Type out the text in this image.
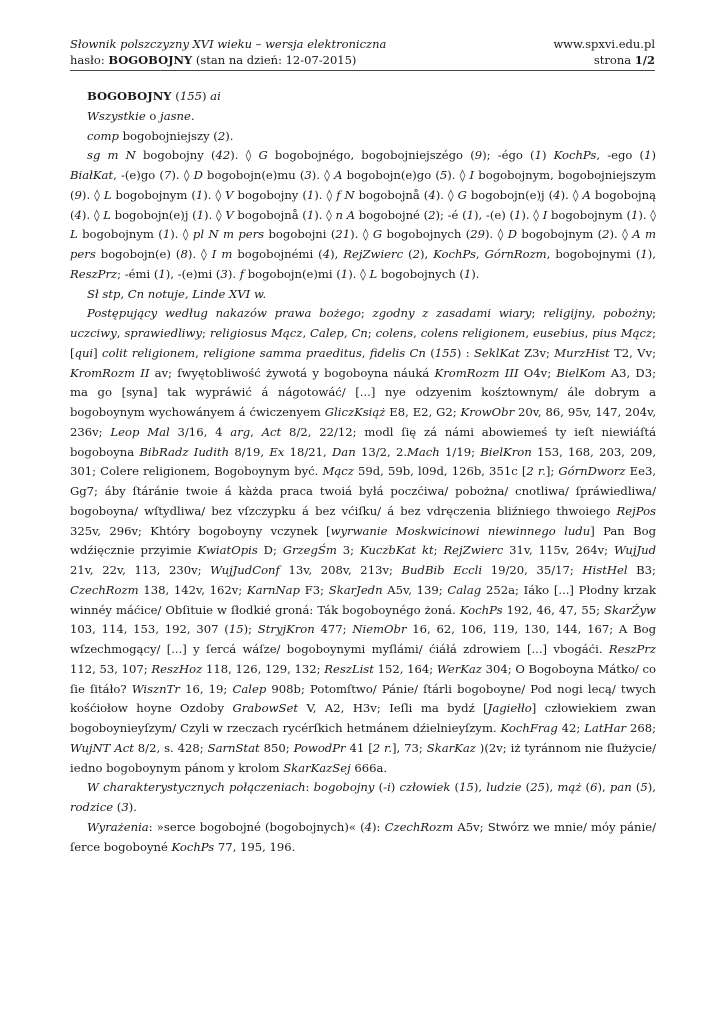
Słownik polszczyzny XVI wieku – wersja elektroniczna	www.spxvi.edu.pl
hasło: BOGOBOJNY (stan na dzień: 12-07-2015)	strona 1/2

BOGOBOJNY (155) ai

Wszystkie o jasne.

comp bogobojniejszy (2).

sg m N bogobojny (42). ◊ G bogobojnégo, bogobojniejszégo (9); -égo (1) KochPs, -ego (1) BiałKat, -(e)go (7). ◊ D bogobojn(e)mu (3). ◊ A bogobojn(e)go (5). ◊ I bogobojnym, bogobojniejszym (9). ◊ L bogobojnym (1). ◊ V bogobojny (1). ◊ f N bogobojnå (4). ◊ G bogobojn(e)j (4). ◊ A bogobojną (4). ◊ L bogobojn(e)j (1). ◊ V bogobojnå (1). ◊ n A bogobojné (2); -é (1), -(e) (1). ◊ I bogobojnym (1). ◊ L bogobojnym (1). ◊ pl N m pers bogobojni (21). ◊ G bogobojnych (29). ◊ D bogobojnym (2). ◊ A m pers bogobojn(e) (8). ◊ I m bogobojnémi (4), RejZwierc (2), KochPs, GórnRozm, bogobojnymi (1), ReszPrz; -émi (1), -(e)mi (3). f bogobojn(e)mi (1). ◊ L bogobojnych (1).

Sł stp, Cn notuje, Linde XVI w.

Postępujący według nakazów prawa bożego; zgodny z zasadami wiary; religijny, pobożny; uczciwy, sprawiedliwy; religiosus Mącz, Calep, Cn; colens, colens religionem, eusebius, pius Mącz; [qui] colit religionem, religione samma praeditus, fidelis Cn (155) : SeklKat Z3v; MurzHist T2, Vv; KromRozm II av; ſwyętobliwość żywotá y bogoboyna náuká KromRozm III O4v; BielKom A3, D3; ma go [syna] tak wypráwić á nágotowáć/ [...] nye odzyenim kośztownym/ ále dobrym a bogoboynym wychowányem á ćwiczenyem GliczKsiąż E8, E2, G2; KrowObr 20v, 86, 95v, 147, 204v, 236v; Leop Mal 3/16, 4 arg, Act 8/2, 22/12; modl ſię zá námi abowiemeś ty ieſt niewiáſtá bogoboyna BibRadz Iudith 8/19, Ex 18/21, Dan 13/2, 2.Mach 1/19; BielKron 153, 168, 203, 209, 301; Colere religionem, Bogoboynym być. Mącz 59d, 59b, l09d, 126b, 351c [2 r.]; GórnDworz Ee3, Gg7; áby ſtáránie twoie á kàżda praca twoiá byłá poczćiwa/ pobożna/ cnotliwa/ ſpráwiedliwa/ bogoboyna/ wſtydliwa/ bez vſzczypku á bez vćiſku/ á bez vdręczenia bliźniego thwoiego RejPos 325v, 296v; Khtóry bogoboyny vczynek [wyrwanie Moskwicinowi niewinnego ludu] Pan Bog wdźięcznie przyimie KwiatOpis D; GrzegŚm 3; KuczbKat kt; RejZwierc 31v, 115v, 264v; WujJud 21v, 22v, 113, 230v; WujJudConf 13v, 208v, 213v; BudBib Eccli 19/20, 35/17; HistHel B3; CzechRozm 138, 142v, 162v; KarnNap F3; SkarJedn A5v, 139; Calag 252a; Iáko [...] Płodny krzak winnéy máćice/ Obſituie w ſłodkié groná: Ták bogoboynégo żoná. KochPs 192, 46, 47, 55; SkarŻyw 103, 114, 153, 192, 307 (15); StryjKron 477; NiemObr 16, 62, 106, 119, 130, 144, 167; A Bog wſzechmogący/ [...] y ſercá wáſze/ bogoboynymi myſlámi/ ćiáłá zdrowiem [...] vbogáći. ReszPrz 112, 53, 107; ReszHoz 118, 126, 129, 132; ReszList 152, 164; WerKaz 304; O Bogoboyna Mátko/ co ſie ſitáło? WisznTr 16, 19; Calep 908b; Potomſtwo/ Pánie/ ſtárli bogoboyne/ Pod nogi lecą/ twych kośćiołow hoyne Ozdoby GrabowSet V, A2, H3v; Ieſli ma bydź [Jagiełło] człowiekiem zwan bogoboynieyſzym/ Czyli w rzeczach rycérſkich hetmánem dźielnieyſzym. KochFrag 42; LatHar 268; WujNT Act 8/2, s. 428; SarnStat 850; PowodPr 41 [2 r.], 73; SkarKaz )(2v; iż tyránnom nie ſłużycie/ iedno bogoboynym pánom y krolom SkarKazSej 666a.

W charakterystycznych połączeniach: bogobojny (-i) człowiek (15), ludzie (25), mąż (6), pan (5), rodzice (3).

Wyrażenia: »serce bogobojné (bogobojnych)« (4): CzechRozm A5v; Stwórz we mnie/ móy pánie/ ſerce bogoboyné KochPs 77, 195, 196.
